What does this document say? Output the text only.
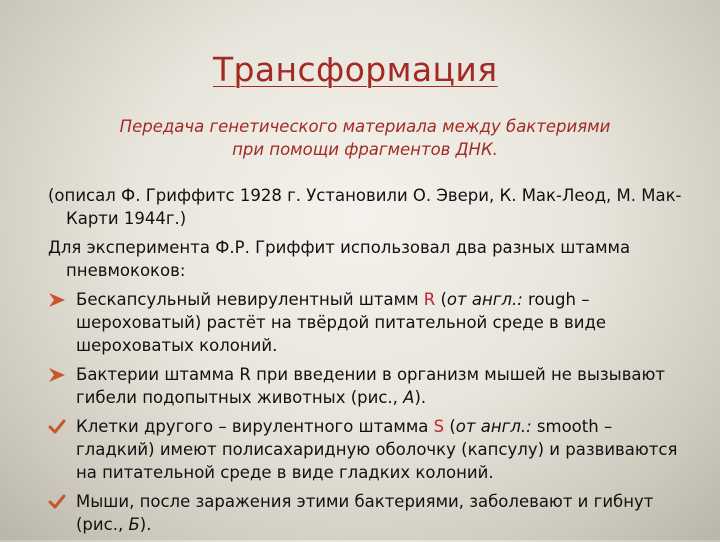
Трансформация
Передача генетического материала между бактериями
при помощи фрагментов ДНК.

(описал Ф. Гриффитс 1928 г. Установили О. Эвери, К. Мак-Леод, М. Мак-Карти 1944г.)

Для эксперимента Ф.Р. Гриффит использовал два разных штамма пневмококов:

Бескапсульный невирулентный штамм R (от англ.: rough – шероховатый) растёт на твёрдой питательной среде в виде шероховатых колоний.
Бактерии штамма R при введении в организм мышей не вызывают гибели подопытных животных (рис., А).
Клетки другого – вирулентного штамма S (от англ.: smooth – гладкий) имеют полисахаридную оболочку (капсулу) и развиваются на питательной среде в виде гладких колоний.
Мыши, после заражения этими бактериями, заболевают и гибнут (рис., Б).
